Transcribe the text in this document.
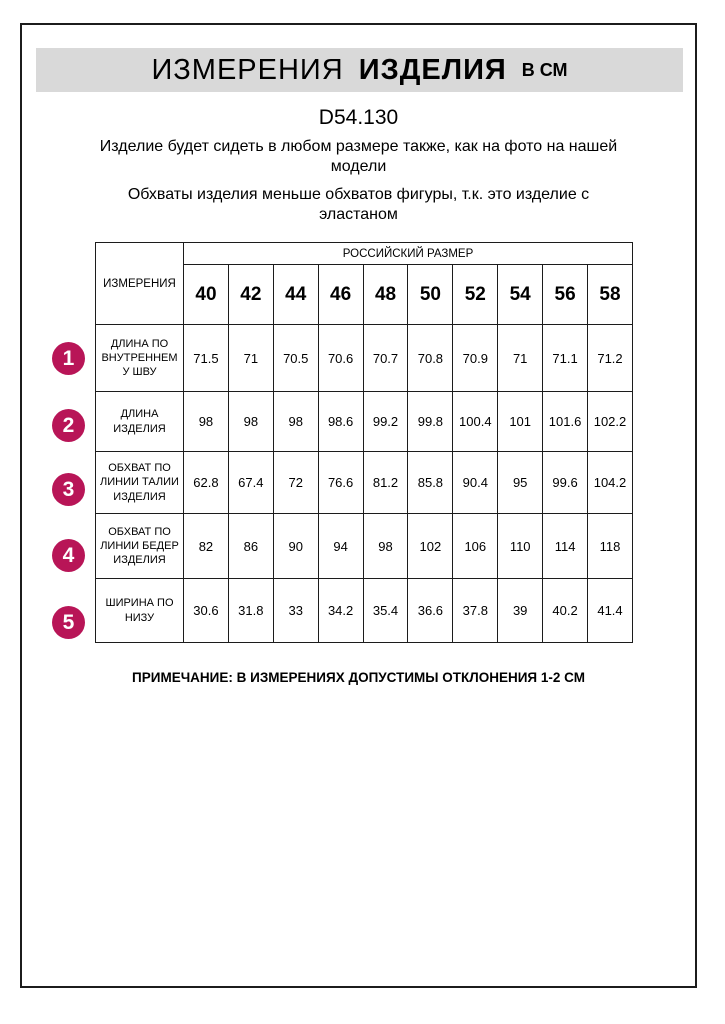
ИЗМЕРЕНИЯ ИЗДЕЛИЯ В СМ
D54.130
Изделие будет сидеть в любом размере также, как на фото на нашей модели
Обхваты изделия меньше обхватов фигуры, т.к. это изделие с эластаном
1
2
3
4
5
ИЗМЕРЕНИЯ	РОССИЙСКИЙ РАЗМЕР									
	40	42	44	46	48	50	52	54	56	58
ДЛИНА ПО ВНУТРЕННЕМУ ШВУ	71.5	71	70.5	70.6	70.7	70.8	70.9	71	71.1	71.2
ДЛИНА ИЗДЕЛИЯ	98	98	98	98.6	99.2	99.8	100.4	101	101.6	102.2
ОБХВАТ ПО ЛИНИИ ТАЛИИ ИЗДЕЛИЯ	62.8	67.4	72	76.6	81.2	85.8	90.4	95	99.6	104.2
ОБХВАТ ПО ЛИНИИ БЕДЕР ИЗДЕЛИЯ	82	86	90	94	98	102	106	110	114	118
ШИРИНА ПО НИЗУ	30.6	31.8	33	34.2	35.4	36.6	37.8	39	40.2	41.4
ПРИМЕЧАНИЕ: В ИЗМЕРЕНИЯХ ДОПУСТИМЫ ОТКЛОНЕНИЯ 1-2 СМ
